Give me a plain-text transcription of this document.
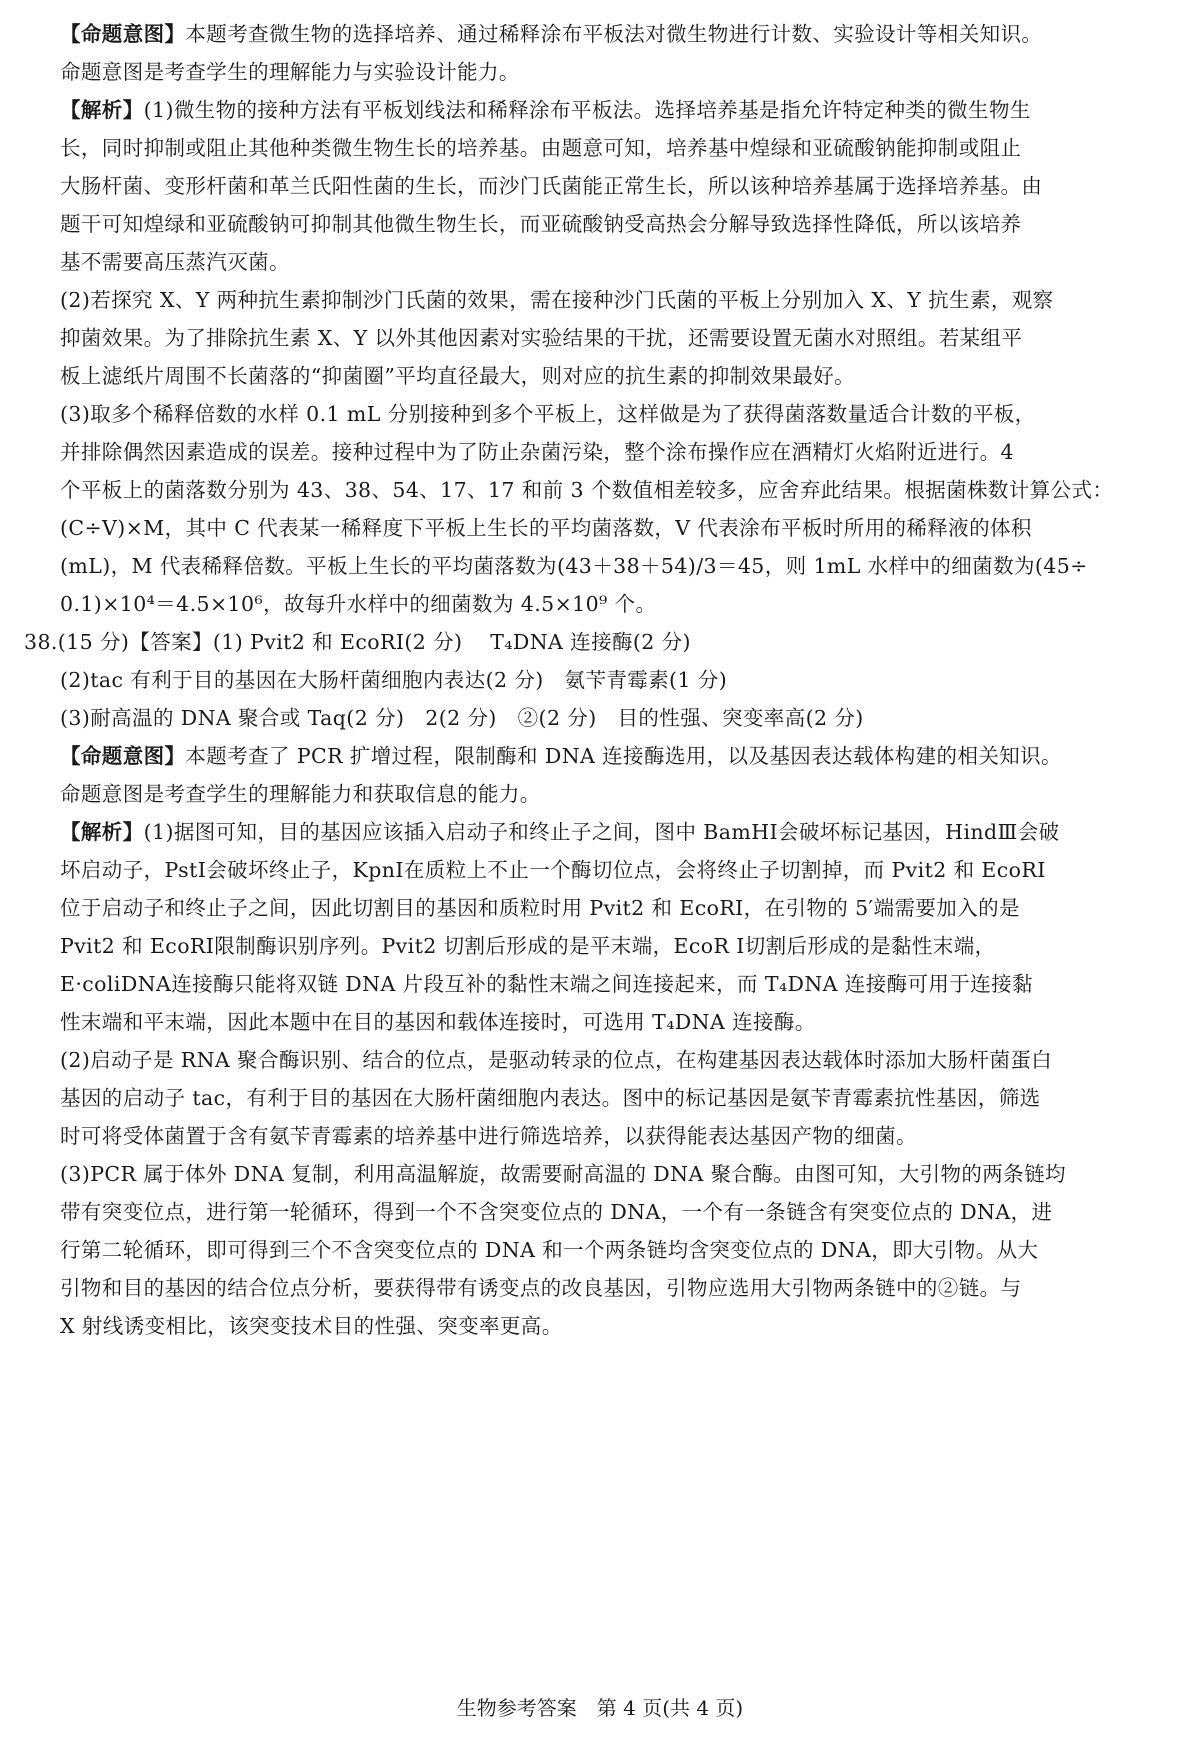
【命题意图】本题考查微生物的选择培养、通过稀释涂布平板法对微生物进行计数、实验设计等相关知识。
命题意图是考查学生的理解能力与实验设计能力。
【解析】(1)微生物的接种方法有平板划线法和稀释涂布平板法。选择培养基是指允许特定种类的微生物生
长，同时抑制或阻止其他种类微生物生长的培养基。由题意可知，培养基中煌绿和亚硫酸钠能抑制或阻止
大肠杆菌、变形杆菌和革兰氏阳性菌的生长，而沙门氏菌能正常生长，所以该种培养基属于选择培养基。由
题干可知煌绿和亚硫酸钠可抑制其他微生物生长，而亚硫酸钠受高热会分解导致选择性降低，所以该培养
基不需要高压蒸汽灭菌。
(2)若探究 X、Y 两种抗生素抑制沙门氏菌的效果，需在接种沙门氏菌的平板上分别加入 X、Y 抗生素，观察
抑菌效果。为了排除抗生素 X、Y 以外其他因素对实验结果的干扰，还需要设置无菌水对照组。若某组平
板上滤纸片周围不长菌落的“抑菌圈”平均直径最大，则对应的抗生素的抑制效果最好。
(3)取多个稀释倍数的水样 0.1 mL 分别接种到多个平板上，这样做是为了获得菌落数量适合计数的平板，
并排除偶然因素造成的误差。接种过程中为了防止杂菌污染，整个涂布操作应在酒精灯火焰附近进行。4
个平板上的菌落数分别为 43、38、54、17、17 和前 3 个数值相差较多，应舍弃此结果。根据菌株数计算公式：
(C÷V)×M，其中 C 代表某一稀释度下平板上生长的平均菌落数，V 代表涂布平板时所用的稀释液的体积
(mL)，M 代表稀释倍数。平板上生长的平均菌落数为(43＋38＋54)/3＝45，则 1mL 水样中的细菌数为(45÷
0.1)×10⁴＝4.5×10⁶，故每升水样中的细菌数为 4.5×10⁹ 个。
38.(15 分)【答案】(1) Pvit2 和 EcoRⅠ(2 分)　 T₄DNA 连接酶(2 分)
(2)tac 有利于目的基因在大肠杆菌细胞内表达(2 分)　氨苄青霉素(1 分)
(3)耐高温的 DNA 聚合或 Taq(2 分)　2(2 分)　②(2 分)　目的性强、突变率高(2 分)
【命题意图】本题考查了 PCR 扩增过程，限制酶和 DNA 连接酶选用，以及基因表达载体构建的相关知识。
命题意图是考查学生的理解能力和获取信息的能力。
【解析】(1)据图可知，目的基因应该插入启动子和终止子之间，图中 BamHⅠ会破坏标记基因，HindⅢ会破
坏启动子，PstⅠ会破坏终止子，KpnⅠ在质粒上不止一个酶切位点，会将终止子切割掉，而 Pvit2 和 EcoRⅠ
位于启动子和终止子之间，因此切割目的基因和质粒时用 Pvit2 和 EcoRⅠ，在引物的 5′端需要加入的是
Pvit2 和 EcoRⅠ限制酶识别序列。Pvit2 切割后形成的是平末端，EcoR Ⅰ切割后形成的是黏性末端，
E·coliDNA连接酶只能将双链 DNA 片段互补的黏性末端之间连接起来，而 T₄DNA 连接酶可用于连接黏
性末端和平末端，因此本题中在目的基因和载体连接时，可选用 T₄DNA 连接酶。
(2)启动子是 RNA 聚合酶识别、结合的位点，是驱动转录的位点，在构建基因表达载体时添加大肠杆菌蛋白
基因的启动子 tac，有利于目的基因在大肠杆菌细胞内表达。图中的标记基因是氨苄青霉素抗性基因，筛选
时可将受体菌置于含有氨苄青霉素的培养基中进行筛选培养，以获得能表达基因产物的细菌。
(3)PCR 属于体外 DNA 复制，利用高温解旋，故需要耐高温的 DNA 聚合酶。由图可知，大引物的两条链均
带有突变位点，进行第一轮循环，得到一个不含突变位点的 DNA，一个有一条链含有突变位点的 DNA，进
行第二轮循环，即可得到三个不含突变位点的 DNA 和一个两条链均含突变位点的 DNA，即大引物。从大
引物和目的基因的结合位点分析，要获得带有诱变点的改良基因，引物应选用大引物两条链中的②链。与
X 射线诱变相比，该突变技术目的性强、突变率更高。
生物参考答案　第 4 页(共 4 页)
